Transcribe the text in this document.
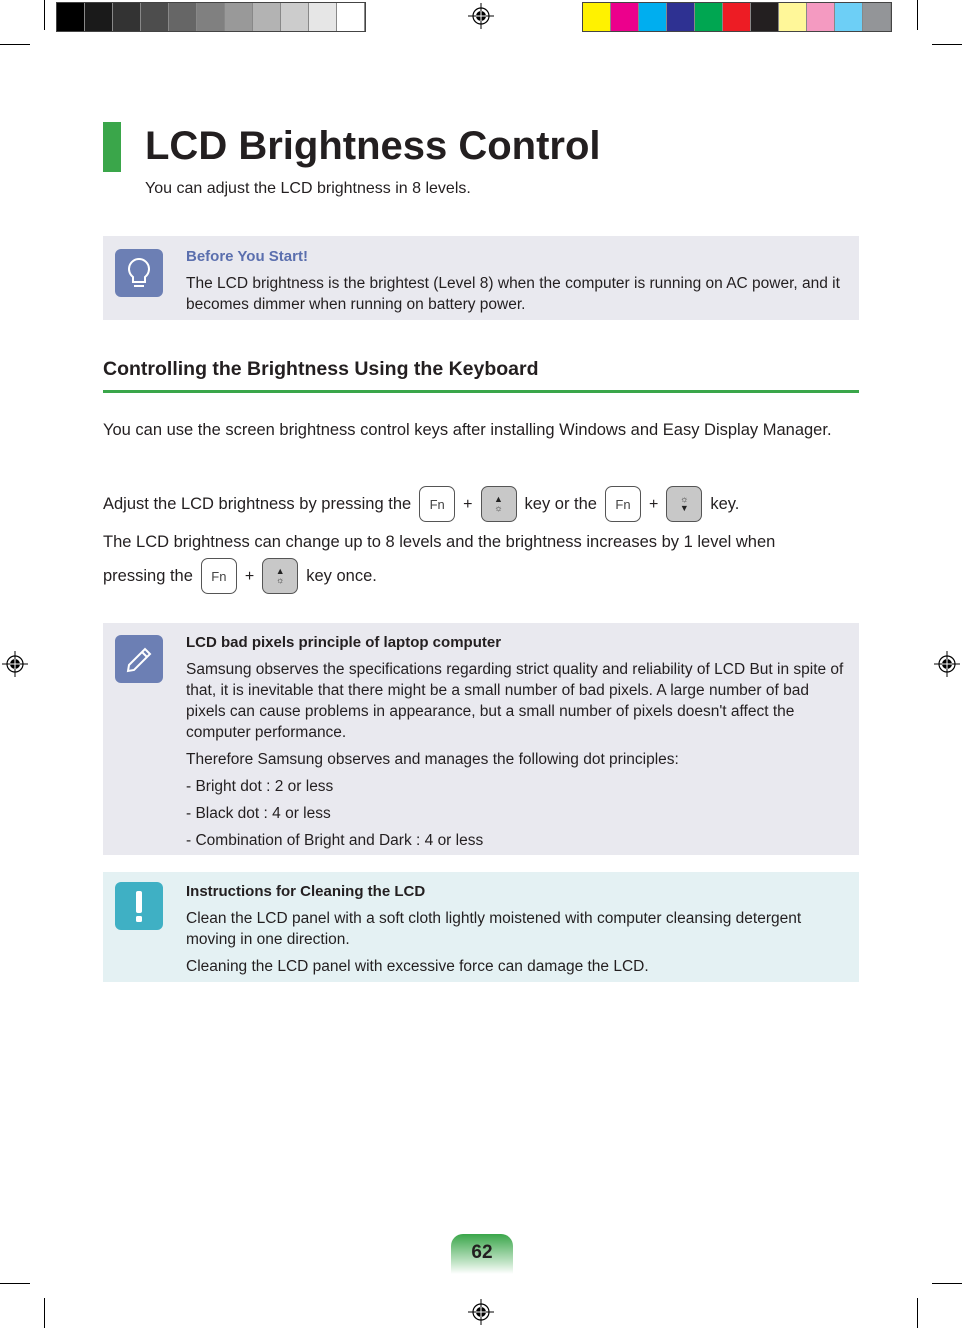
LCD Brightness Control
You can adjust the LCD brightness in 8 levels.
Before You Start!

The LCD brightness is the brightest (Level 8) when the computer is running on AC power, and it becomes dimmer when running on battery power.

Controlling the Brightness Using the Keyboard
You can use the screen brightness control keys after installing Windows and Easy Display Manager.
Adjust the LCD brightness by pressing the	Fn	+ ▲
☼ key or the	Fn	+ ☼
▼ key.
The LCD brightness can change up to 8 levels and the brightness increases by 1 level when
pressing the	Fn	+ ▲
☼ key once.
LCD bad pixels principle of laptop computer

Samsung observes the specifications regarding strict quality and reliability of LCD But in spite of that, it is inevitable that there might be a small number of bad pixels. A large number of bad pixels can cause problems in appearance, but a small number of pixels doesn't affect the computer performance.

Therefore Samsung observes and manages the following dot principles:

- Bright dot : 2 or less

- Black dot : 4 or less

- Combination of Bright and Dark : 4 or less

Instructions for Cleaning the LCD

Clean the LCD panel with a soft cloth lightly moistened with computer cleansing detergent moving in one direction.

Cleaning the LCD panel with excessive force can damage the LCD.

62
